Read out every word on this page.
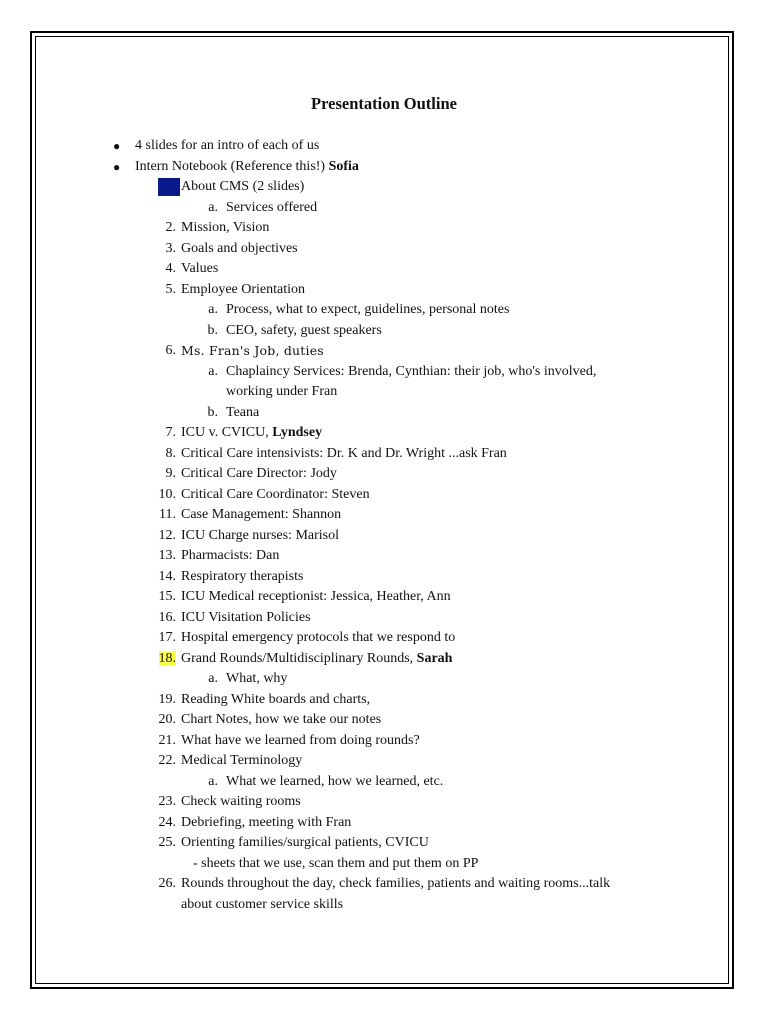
Presentation Outline
● 4 slides for an intro of each of us
● Intern Notebook (Reference this!) Sofia
About CMS (2 slides)
a. Services offered
2. Mission, Vision
3. Goals and objectives
4. Values
5. Employee Orientation
a. Process, what to expect, guidelines, personal notes
b. CEO, safety, guest speakers
6. Ms. Fran's Job, duties
a. Chaplaincy Services: Brenda, Cynthian: their job, who's involved,
working under Fran
b. Teana
7. ICU v. CVICU, Lyndsey
8. Critical Care intensivists: Dr. K and Dr. Wright ...ask Fran
9. Critical Care Director: Jody
10. Critical Care Coordinator: Steven
11. Case Management: Shannon
12. ICU Charge nurses: Marisol
13. Pharmacists: Dan
14. Respiratory therapists
15. ICU Medical receptionist: Jessica, Heather, Ann
16. ICU Visitation Policies
17. Hospital emergency protocols that we respond to
18. Grand Rounds/Multidisciplinary Rounds, Sarah
a. What, why
19. Reading White boards and charts,
20. Chart Notes, how we take our notes
21. What have we learned from doing rounds?
22. Medical Terminology
a. What we learned, how we learned, etc.
23. Check waiting rooms
24. Debriefing, meeting with Fran
25. Orienting families/surgical patients, CVICU
- sheets that we use, scan them and put them on PP
26. Rounds throughout the day, check families, patients and waiting rooms...talk
about customer service skills
